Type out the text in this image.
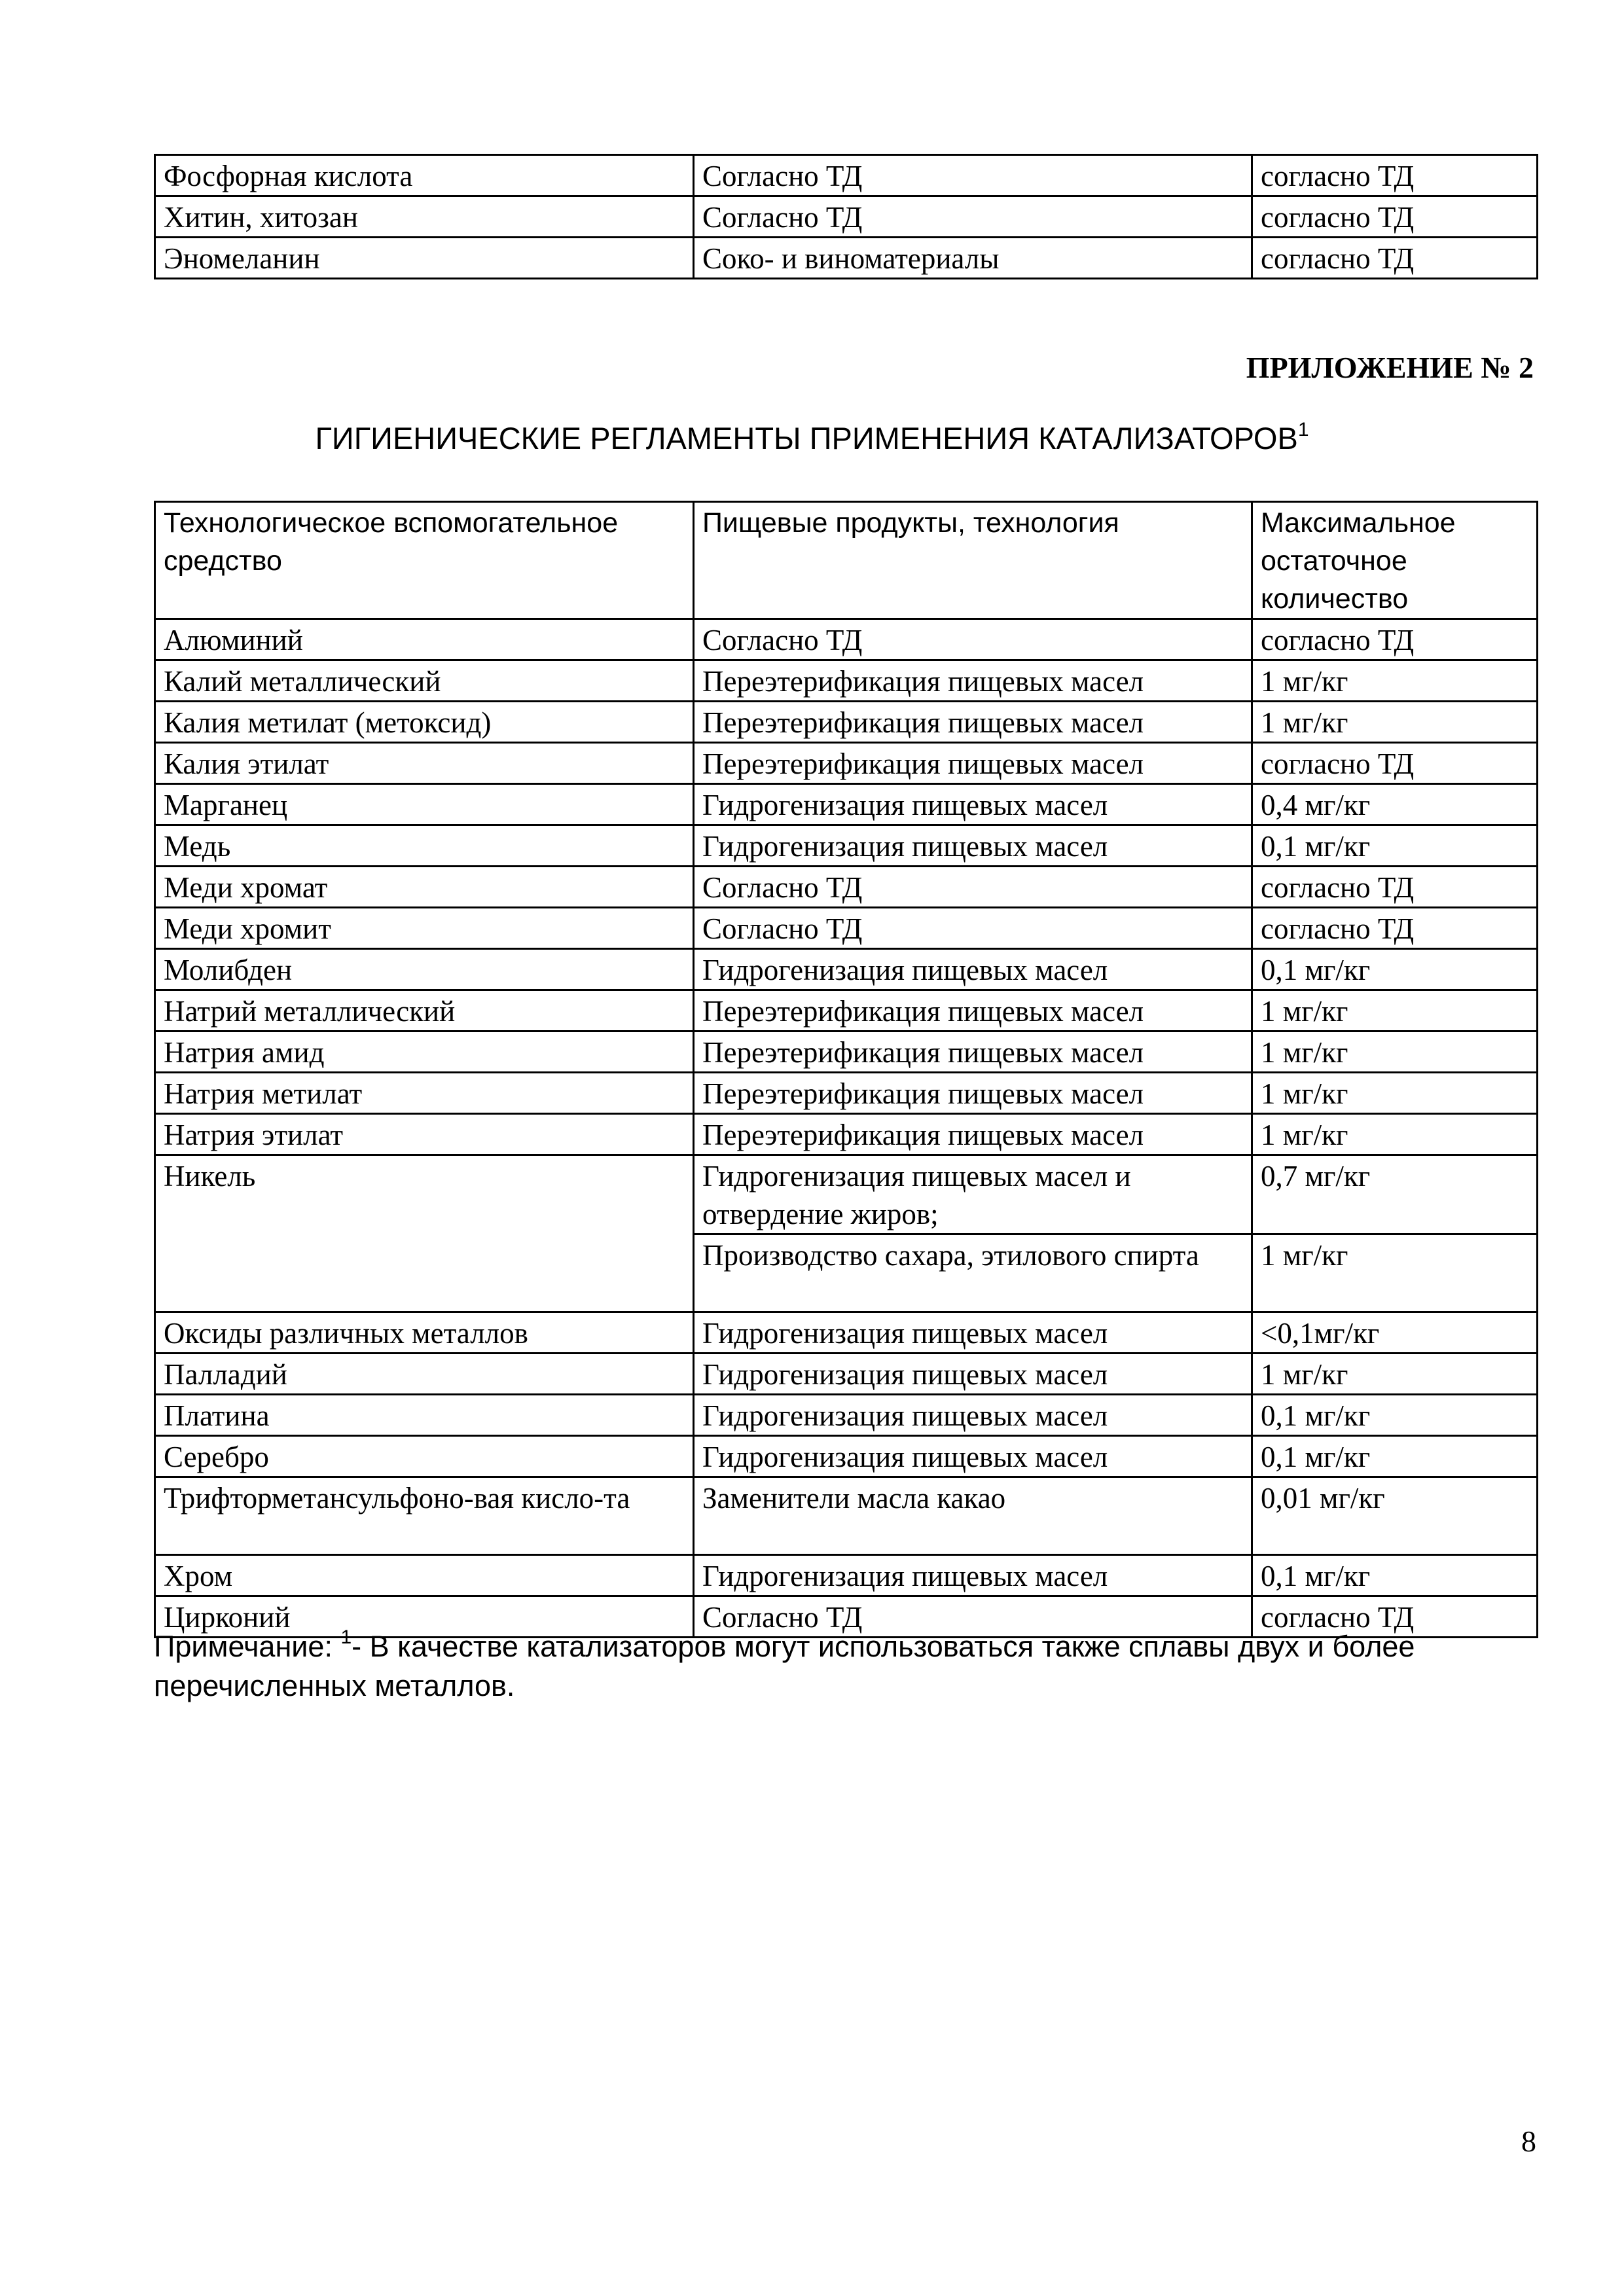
Фосфорная кислота	Согласно ТД	согласно ТД
Хитин, хитозан	Согласно ТД	согласно ТД
Эномеланин	Соко- и виноматериалы	согласно ТД
ПРИЛОЖЕНИЕ № 2
ГИГИЕНИЧЕСКИЕ РЕГЛАМЕНТЫ ПРИМЕНЕНИЯ КАТАЛИЗАТОРОВ$^1$
Технологическое вспомогательное средство	Пищевые продукты, технология	Максимальное остаточное количество
Алюминий	Согласно ТД	согласно ТД
Калий металлический	Переэтерификация пищевых масел	1 мг/кг
Калия метилат (метоксид)	Переэтерификация пищевых масел	1 мг/кг
Калия этилат	Переэтерификация пищевых масел	согласно ТД
Марганец	Гидрогенизация пищевых масел	0,4 мг/кг
Медь	Гидрогенизация пищевых масел	0,1 мг/кг
Меди хромат	Согласно ТД	согласно ТД
Меди хромит	Согласно ТД	согласно ТД
Молибден	Гидрогенизация пищевых масел	0,1 мг/кг
Натрий металлический	Переэтерификация пищевых масел	1 мг/кг
Натрия амид	Переэтерификация пищевых масел	1 мг/кг
Натрия метилат	Переэтерификация пищевых масел	1 мг/кг
Натрия этилат	Переэтерификация пищевых масел	1 мг/кг
Никель	Гидрогенизация пищевых масел и отвердение жиров;	0,7 мг/кг
	Производство сахара, этилового спирта	1 мг/кг
Оксиды различных металлов	Гидрогенизация пищевых масел	<0,1мг/кг
Палладий	Гидрогенизация пищевых масел	1 мг/кг
Платина	Гидрогенизация пищевых масел	0,1 мг/кг
Серебро	Гидрогенизация пищевых масел	0,1 мг/кг
Трифторметансульфоно-вая кисло-та	Заменители масла какао	0,01 мг/кг
Хром	Гидрогенизация пищевых масел	0,1 мг/кг
Цирконий	Согласно ТД	согласно ТД
Примечание: $^1$- В качестве катализаторов могут использоваться также сплавы двух и более перечисленных металлов.
8
